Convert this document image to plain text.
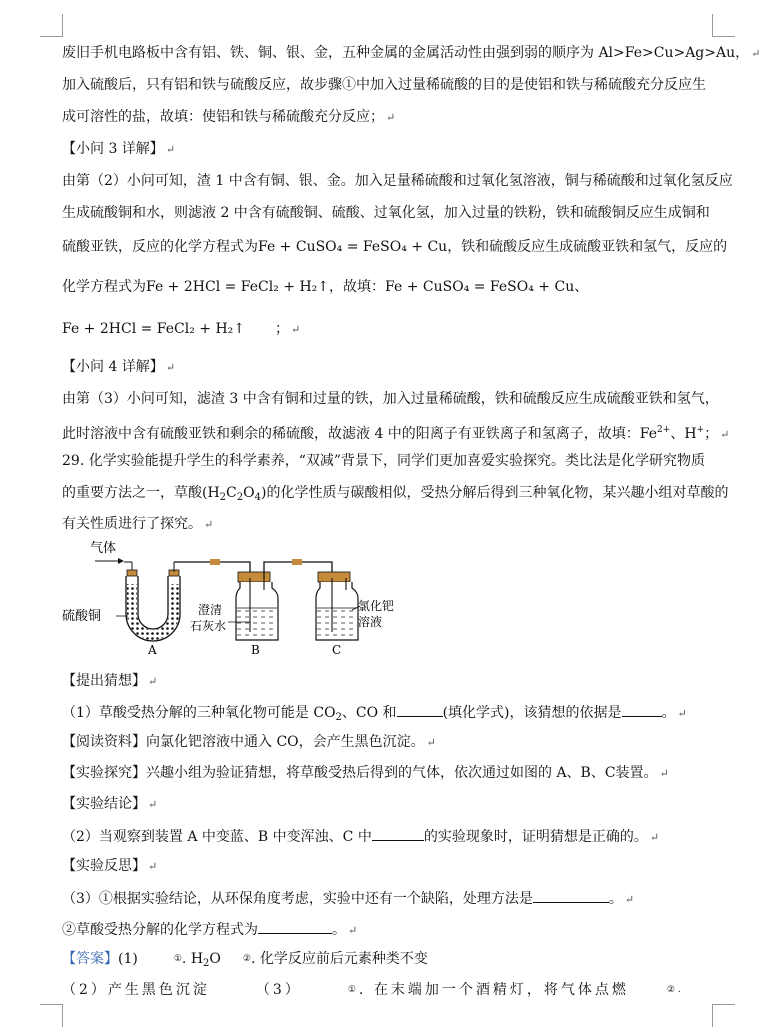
废旧手机电路板中含有铝、铁、铜、银、金，五种金属的金属活动性由强到弱的顺序为 Al>Fe>Cu>Ag>Au， ↵
加入硫酸后，只有铝和铁与硫酸反应，故步骤①中加入过量稀硫酸的目的是使铝和铁与稀硫酸充分反应生
成可溶性的盐，故填：使铝和铁与稀硫酸充分反应； ↵
【小问 3 详解】 ↵
由第（2）小问可知，渣 1 中含有铜、银、金。加入足量稀硫酸和过氧化氢溶液，铜与稀硫酸和过氧化氢反应
生成硫酸铜和水，则滤液 2 中含有硫酸铜、硫酸、过氧化氢，加入过量的铁粉，铁和硫酸铜反应生成铜和
硫酸亚铁，反应的化学方程式为Fe + CuSO₄ = FeSO₄ + Cu，铁和硫酸反应生成硫酸亚铁和氢气，反应的
化学方程式为Fe + 2HCl = FeCl₂ + H₂↑，故填：Fe + CuSO₄ = FeSO₄ + Cu、
Fe + 2HCl = FeCl₂ + H₂↑ ； ↵
【小问 4 详解】 ↵
由第（3）小问可知，滤渣 3 中含有铜和过量的铁，加入过量稀硫酸，铁和硫酸反应生成硫酸亚铁和氢气，
此时溶液中含有硫酸亚铁和剩余的稀硫酸，故滤液 4 中的阳离子有亚铁离子和氢离子，故填：$Fe^{2+}$、H+； ↵
29. 化学实验能提升学生的科学素养，“双减”背景下，同学们更加喜爱实验探究。类比法是化学研究物质
的重要方法之一，草酸$(H_2C_2O_4)$的化学性质与碳酸相似，受热分解后得到三种氧化物，某兴趣小组对草酸的
有关性质进行了探究。 ↵
气体
硫酸铜	澄清
石灰水
氯化钯
溶液
A	B	C
【提出猜想】 ↵
（1）草酸受热分解的三种氧化物可能是 $CO_2$、CO 和	(填化学式)，该猜想的依据是	。 ↵
【阅读资料】向氯化钯溶液中通入 CO，会产生黑色沉淀。 ↵
【实验探究】兴趣小组为验证猜想，将草酸受热后得到的气体，依次通过如图的 A、B、C装置。 ↵
【实验结论】 ↵
（2）当观察到装置 A 中变蓝、B 中变浑浊、C 中	的实验现象时，证明猜想是正确的。 ↵
【实验反思】 ↵
（3）①根据实验结论，从环保角度考虑，实验中还有一个缺陷，处理方法是	。 ↵
②草酸受热分解的化学方程式为	。 ↵
【答案】(1)	①. $H_2O$ ②. 化学反应前后元素种类不变
（2）产生黑色沉淀	（3）	①. 在末端加一个酒精灯，将气体点燃	②.
